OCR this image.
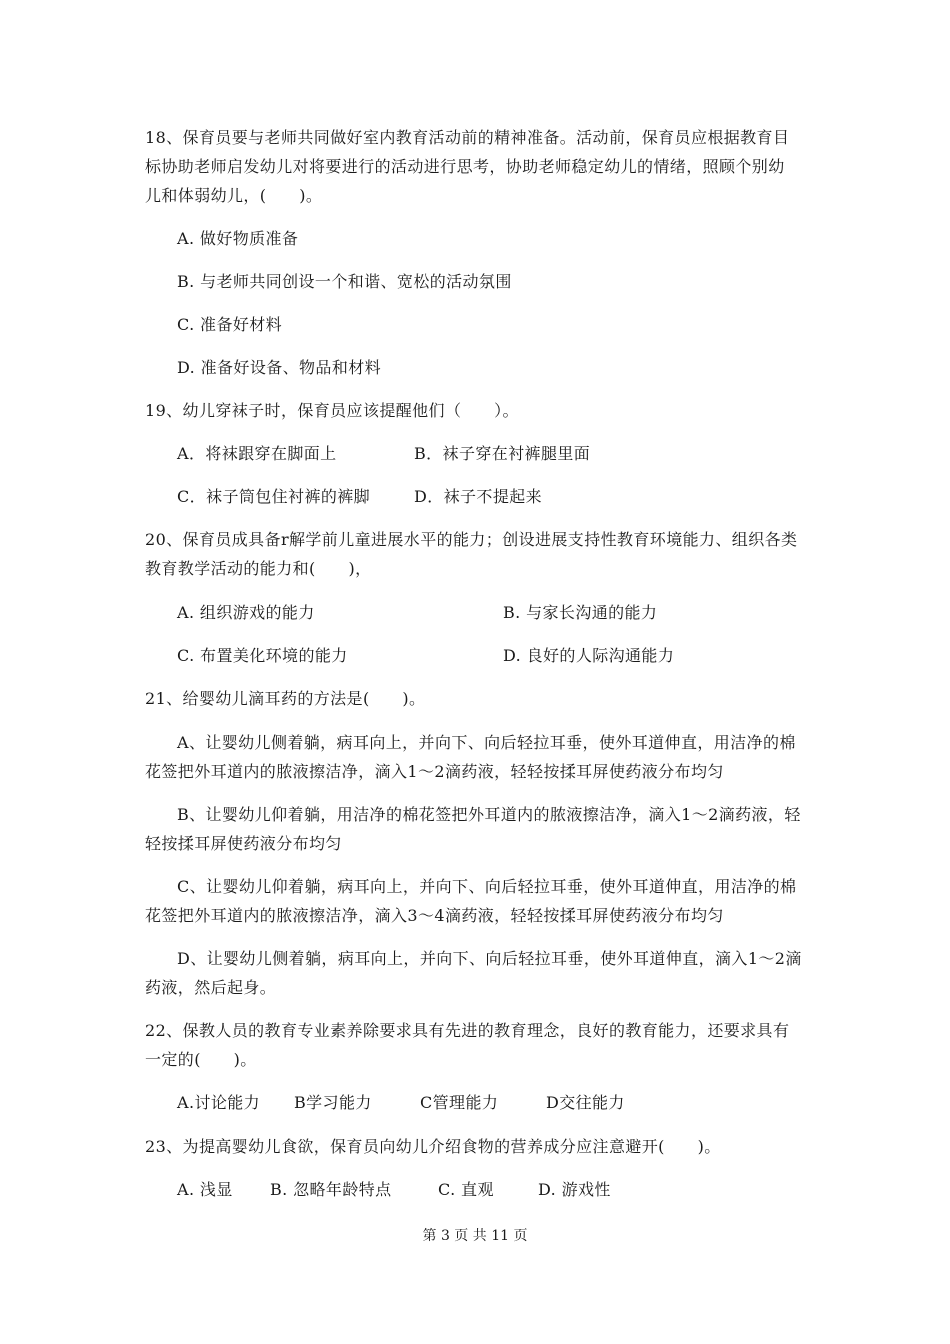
18、保育员要与老师共同做好室内教育活动前的精神准备。活动前，保育员应根据教育目
标协助老师启发幼儿对将要进行的活动进行思考，协助老师稳定幼儿的情绪，照顾个别幼
儿和体弱幼儿，(　　)。
A. 做好物质准备
B. 与老师共同创设一个和谐、宽松的活动氛围
C. 准备好材料
D. 准备好设备、物品和材料
19、幼儿穿袜子时，保育员应该提醒他们（　　）。
A．将袜跟穿在脚面上	B．袜子穿在衬裤腿里面
C．袜子筒包住衬裤的裤脚	D．袜子不提起来
20、保育员成具备r解学前儿童进展水平的能力；创设进展支持性教育环境能力、组织各类
教育教学活动的能力和(　　)，
A. 组织游戏的能力	B. 与家长沟通的能力
C. 布置美化环境的能力	D. 良好的人际沟通能力
21、给婴幼儿滴耳药的方法是(　　)。
A、让婴幼儿侧着躺，病耳向上，并向下、向后轻拉耳垂，使外耳道伸直，用洁净的棉
花签把外耳道内的脓液擦洁净，滴入1～2滴药液，轻轻按揉耳屏使药液分布均匀
B、让婴幼儿仰着躺，用洁净的棉花签把外耳道内的脓液擦洁净，滴入1～2滴药液，轻
轻按揉耳屏使药液分布均匀
C、让婴幼儿仰着躺，病耳向上，并向下、向后轻拉耳垂，使外耳道伸直，用洁净的棉
花签把外耳道内的脓液擦洁净，滴入3～4滴药液，轻轻按揉耳屏使药液分布均匀
D、让婴幼儿侧着躺，病耳向上，并向下、向后轻拉耳垂，使外耳道伸直，滴入1～2滴
药液，然后起身。
22、保教人员的教育专业素养除要求具有先进的教育理念，良好的教育能力，还要求具有
一定的(　　)。
A.讨论能力 B学习能力	C管理能力	D交往能力
23、为提高婴幼儿食欲，保育员向幼儿介绍食物的营养成分应注意避开(　　)。
A. 浅显 B. 忽略年龄特点	C. 直观	D. 游戏性
第 3 页 共 11 页
